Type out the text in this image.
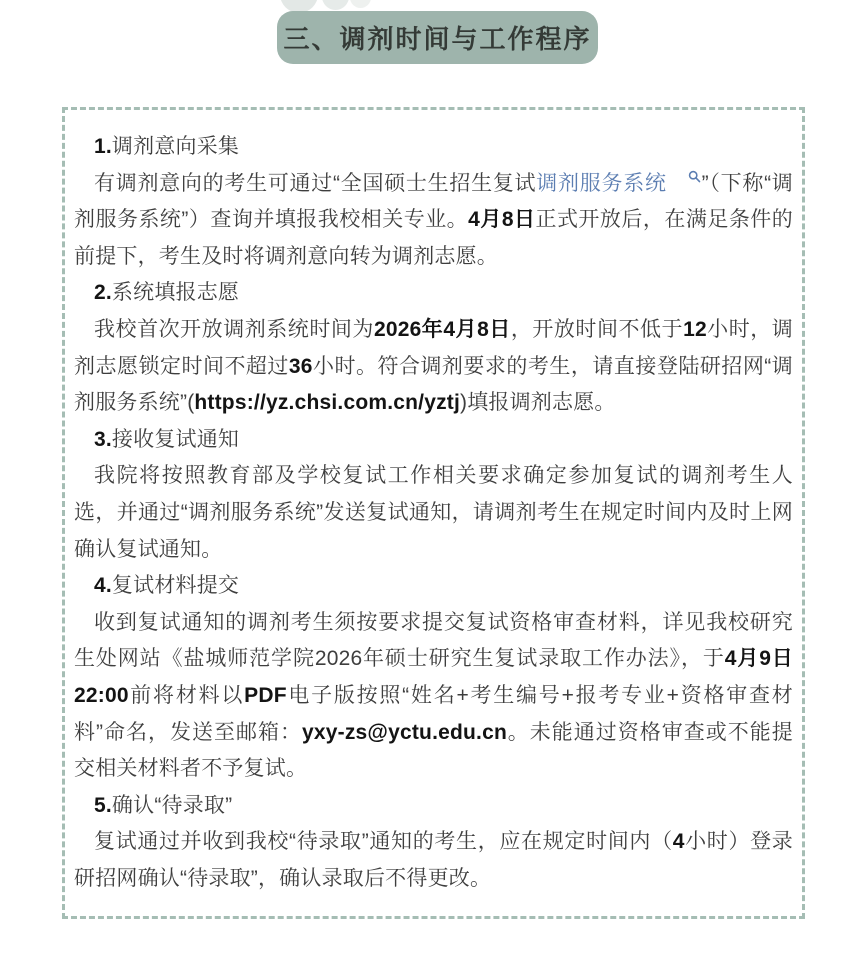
三、调剂时间与工作程序
1.调剂意向采集
有调剂意向的考生可通过“全国硕士生招生复试调剂服务系统 ”（下称“调剂服务系统”）查询并填报我校相关专业。4月8日正式开放后，在满足条件的前提下，考生及时将调剂意向转为调剂志愿。
2.系统填报志愿
我校首次开放调剂系统时间为2026年4月8日，开放时间不低于12小时，调剂志愿锁定时间不超过36小时。符合调剂要求的考生，请直接登陆研招网“调剂服务系统”(https://yz.chsi.com.cn/yztj)填报调剂志愿。
3.接收复试通知
我院将按照教育部及学校复试工作相关要求确定参加复试的调剂考生人选，并通过“调剂服务系统”发送复试通知，请调剂考生在规定时间内及时上网确认复试通知。
4.复试材料提交
收到复试通知的调剂考生须按要求提交复试资格审查材料，详见我校研究生处网站《盐城师范学院2026年硕士研究生复试录取工作办法》，于4月9日22:00前将材料以PDF电子版按照“姓名+考生编号+报考专业+资格审查材料”命名，发送至邮箱：yxy-zs@yctu.edu.cn。未能通过资格审查或不能提交相关材料者不予复试。
5.确认“待录取”
复试通过并收到我校“待录取”通知的考生，应在规定时间内（4小时）登录研招网确认“待录取”，确认录取后不得更改。
